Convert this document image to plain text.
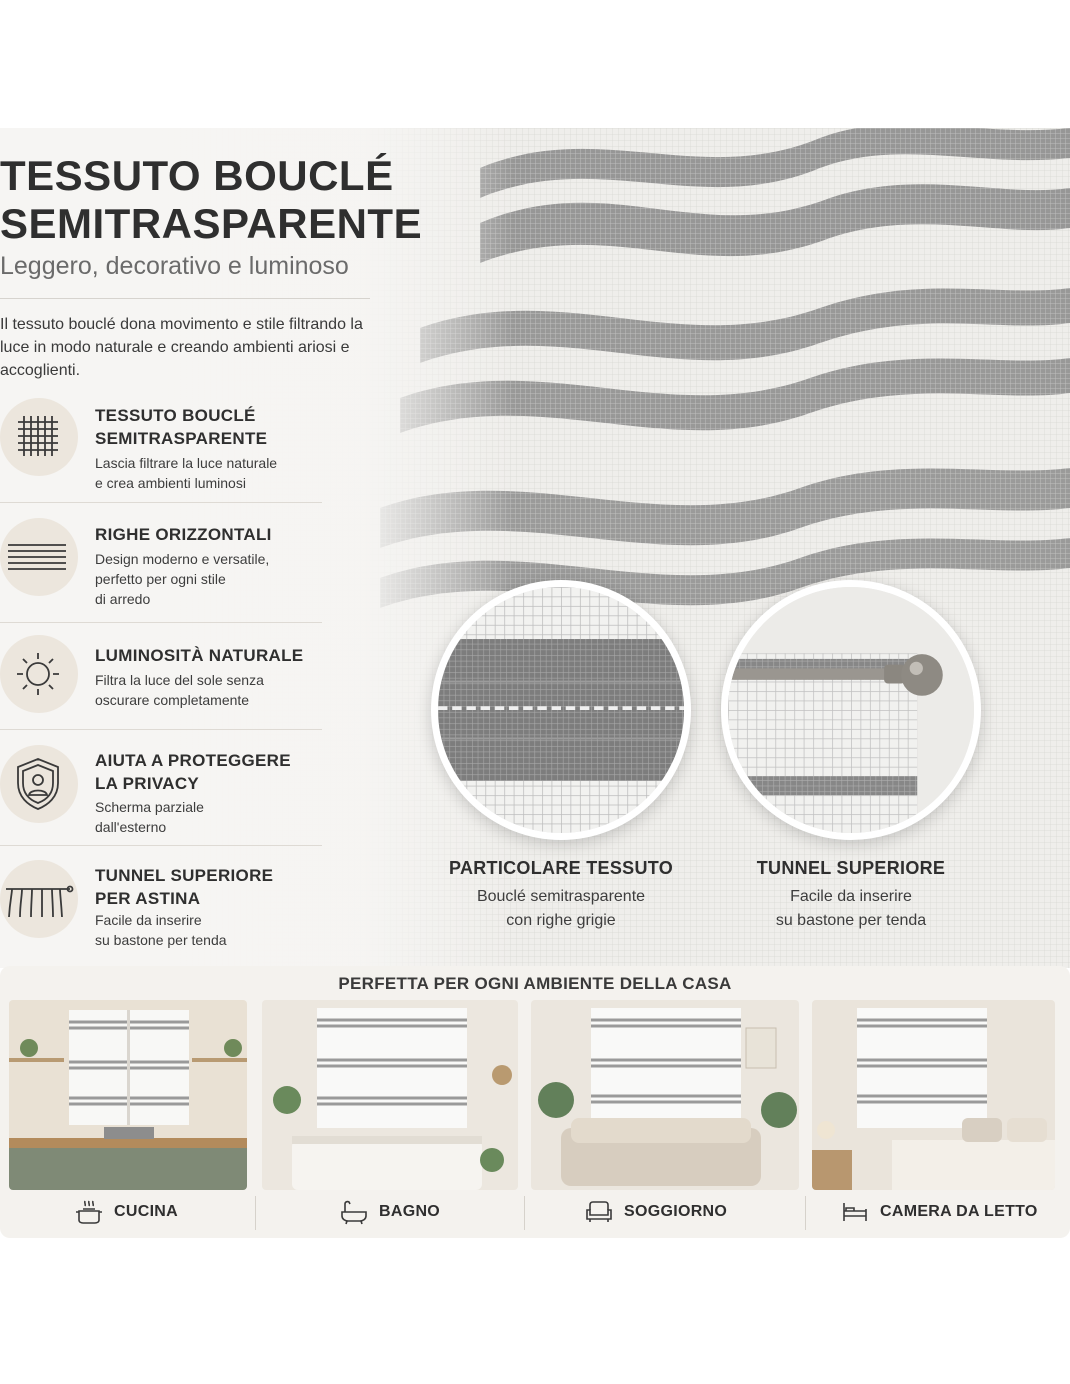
TESSUTO BOUCLÉ
SEMITRASPARENTE
Leggero, decorativo e luminoso
Il tessuto bouclé dona movimento e stile filtrando la luce in modo naturale e creando ambienti ariosi e accoglienti.
TESSUTO BOUCLÉ
SEMITRASPARENTE
Lascia filtrare la luce naturale
e crea ambienti luminosi
RIGHE ORIZZONTALI
Design moderno e versatile,
perfetto per ogni stile
di arredo
LUMINOSITÀ NATURALE
Filtra la luce del sole senza
oscurare completamente
AIUTA A PROTEGGERE
LA PRIVACY
Scherma parziale
dall'esterno
TUNNEL SUPERIORE
PER ASTINA
Facile da inserire
su bastone per tenda
PARTICOLARE TESSUTO
Bouclé semitrasparente
con righe grigie
TUNNEL SUPERIORE
Facile da inserire
su bastone per tenda
PERFETTA PER OGNI AMBIENTE DELLA CASA
CUCINA	BAGNO	SOGGIORNO	CAMERA DA LETTO
